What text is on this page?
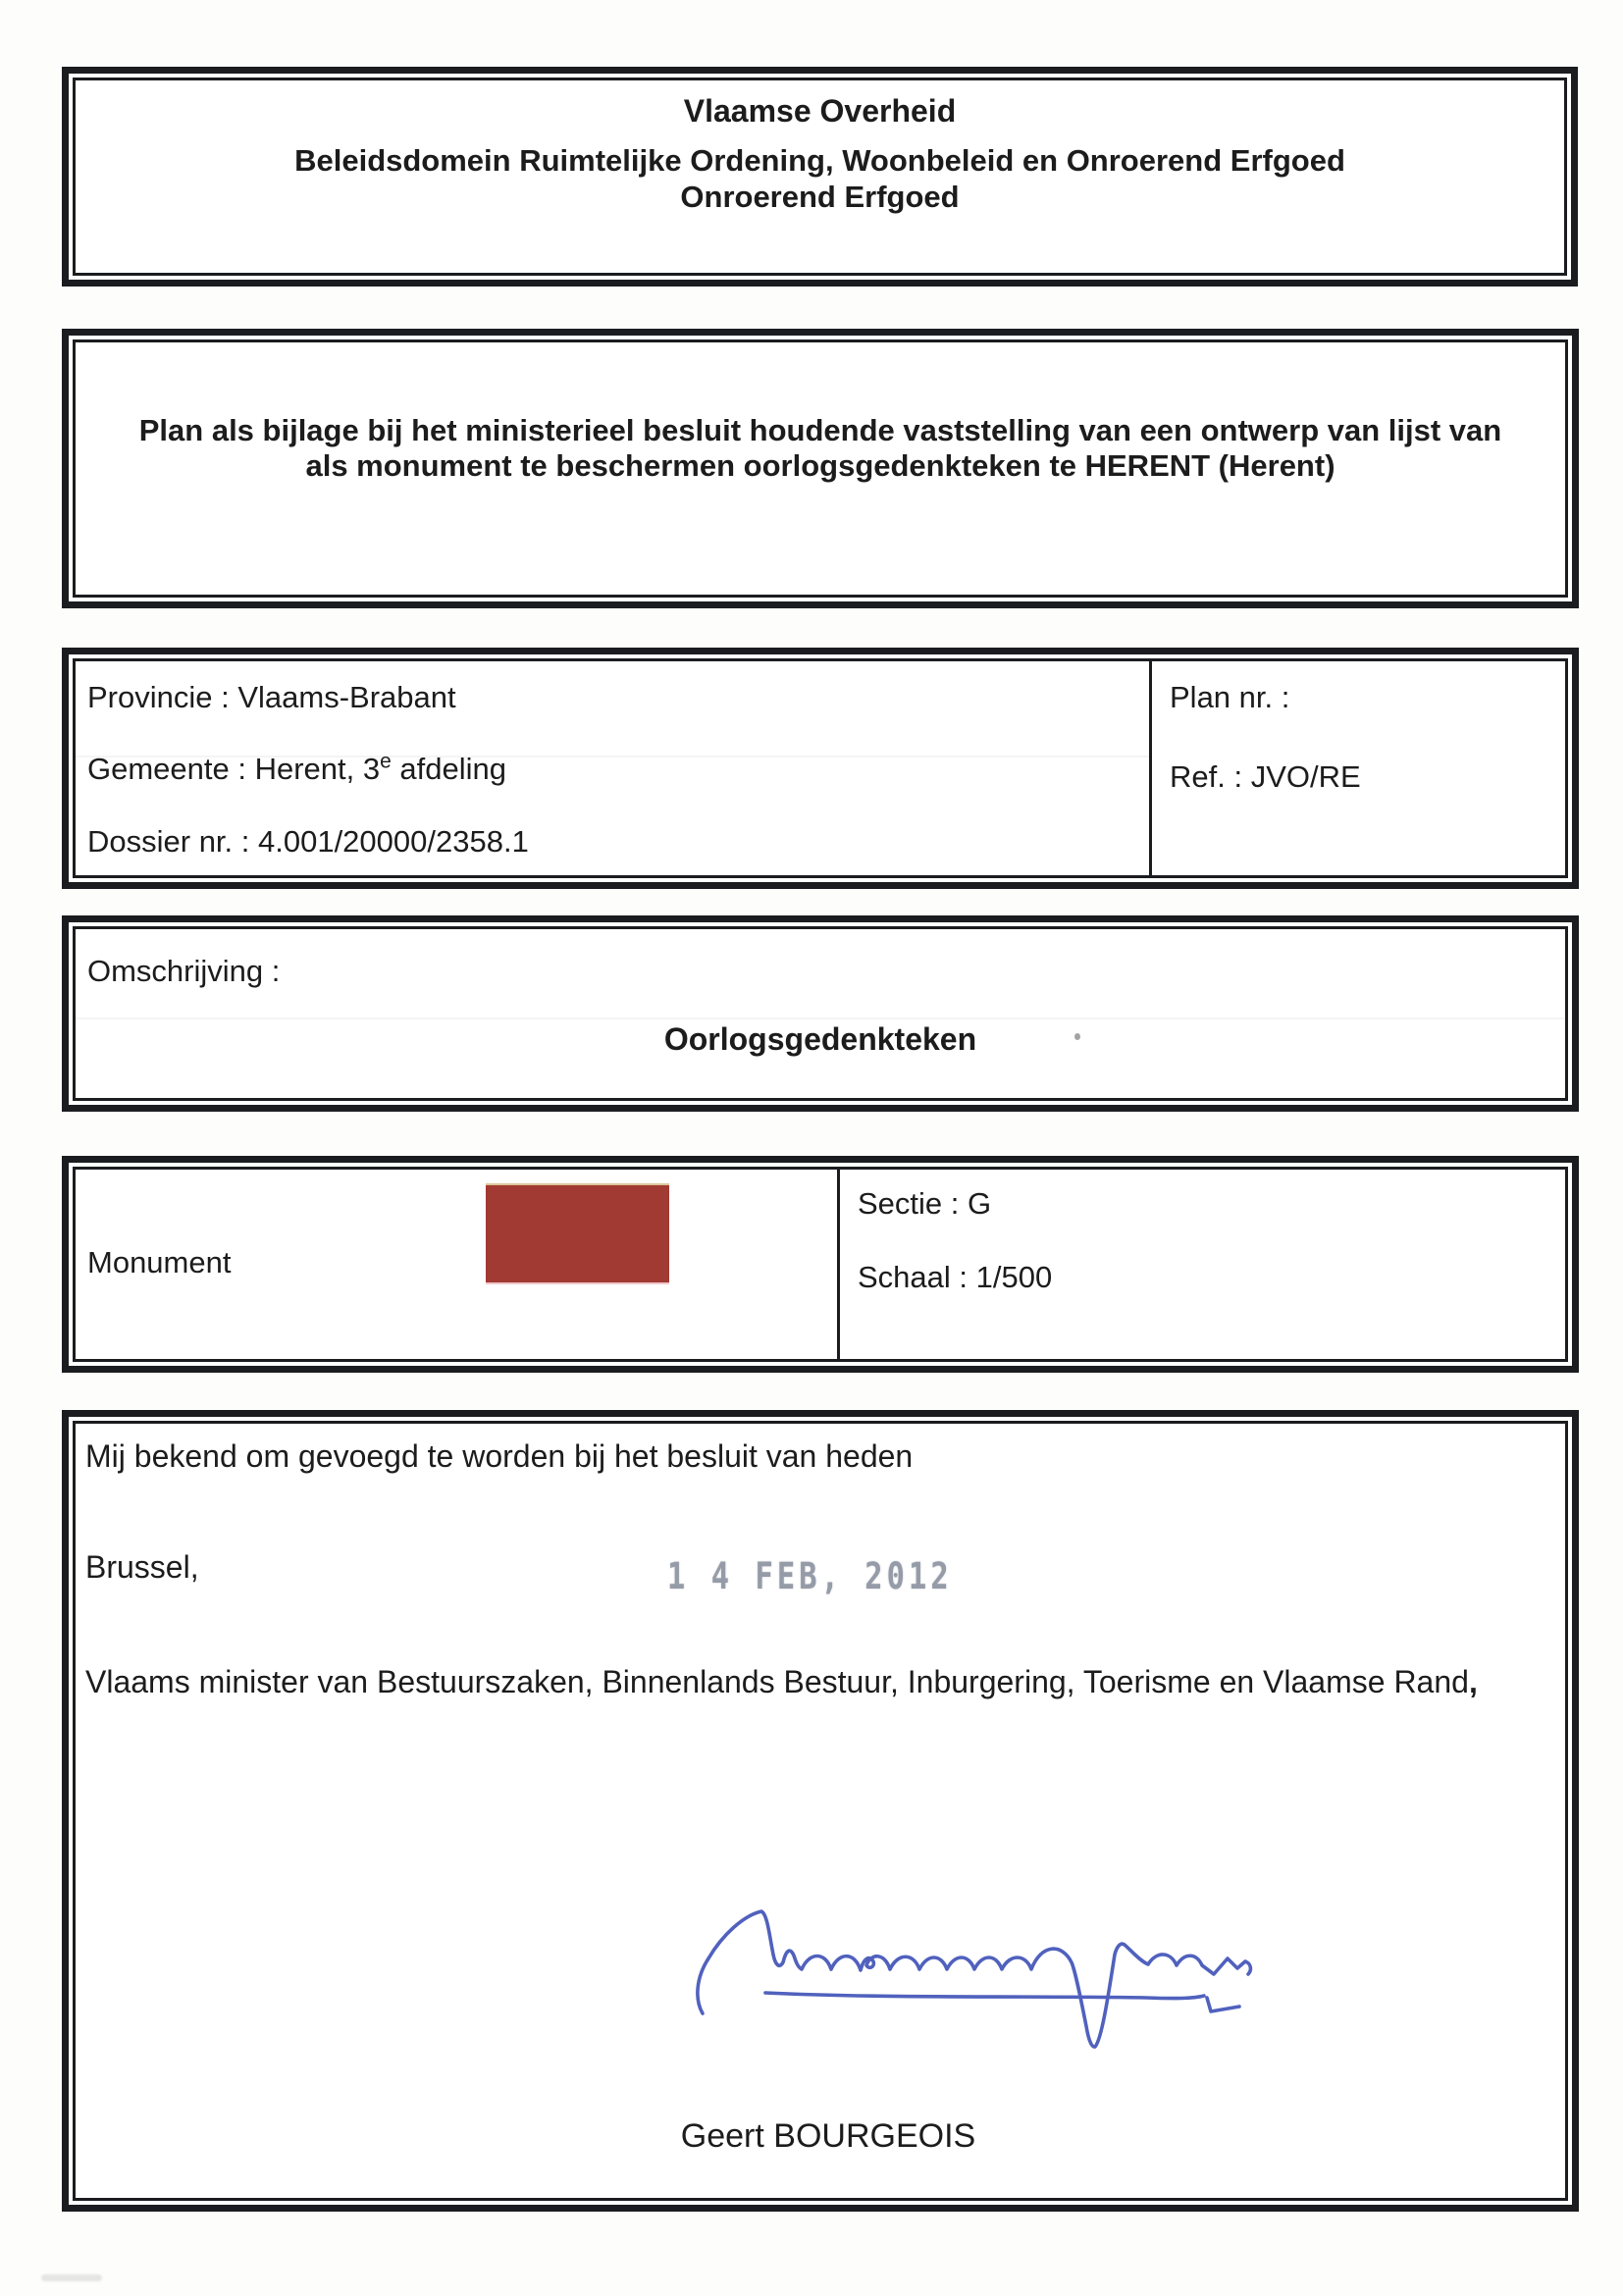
Vlaamse Overheid
Beleidsdomein Ruimtelijke Ordening, Woonbeleid en Onroerend Erfgoed
Onroerend Erfgoed
Plan als bijlage bij het ministerieel besluit houdende vaststelling van een ontwerp van lijst van
als monument te beschermen oorlogsgedenkteken te HERENT (Herent)
Provincie : Vlaams-Brabant
Gemeente : Herent, 3e afdeling
Dossier nr. : 4.001/20000/2358.1
Plan nr. :
Ref. : JVO/RE
Omschrijving :
Oorlogsgedenkteken
Monument
Sectie : G
Schaal : 1/500
Mij bekend om gevoegd te worden bij het besluit van heden
Brussel,	1 4 FEB, 2012
Vlaams minister van Bestuurszaken, Binnenlands Bestuur, Inburgering, Toerisme en Vlaamse Rand,
Geert BOURGEOIS
